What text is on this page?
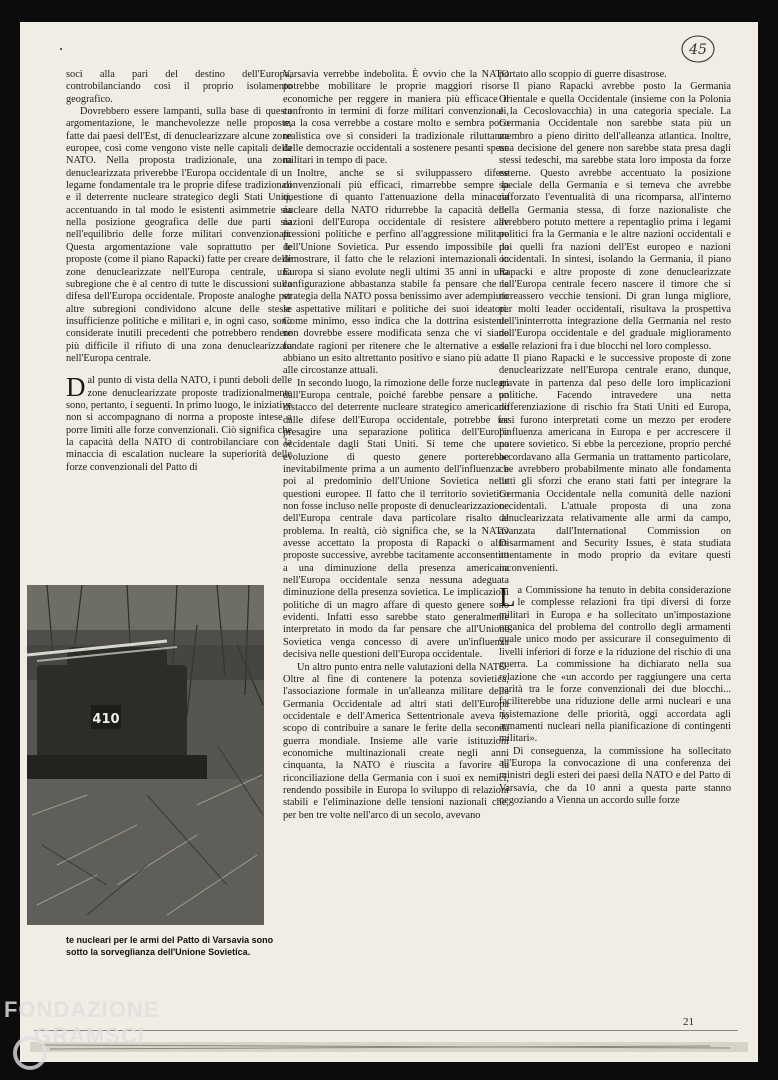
45

soci alla pari del destino dell'Europa, controbilanciando così il proprio isolamento geografico.

Dovrebbero essere lampanti, sulla base di questa argomentazione, le manchevolezze nelle proposte, fatte dai paesi dell'Est, di denuclearizzare alcune zone europee, così come vengono viste nelle capitali della NATO. Nella proposta tradizionale, una zona denuclearizzata priverebbe l'Europa occidentale di un legame fondamentale tra le proprie difese tradizionali e il deterrente nucleare strategico degli Stati Uniti, accentuando in tal modo le esistenti asimmetrie sia nella posizione geografica delle due parti sia nell'equilibrio delle forze militari convenzionali. Questa argomentazione vale soprattutto per le proposte (come il piano Rapacki) fatte per creare delle zone denuclearizzate nell'Europa centrale, una subregione che è al centro di tutte le discussioni sulla difesa dell'Europa occidentale. Proposte analoghe per altre subregioni condividono alcune delle stesse insufficienze politiche e militari e, in ogni caso, sono considerate inutili precedenti che potrebbero rendere più difficile il rifiuto di una zona denuclearizzata nell'Europa centrale.

Dal punto di vista della NATO, i punti deboli delle zone denuclearizzate proposte tradizionalmente sono, pertanto, i seguenti. In primo luogo, le iniziative non si accompagnano di norma a proposte intese a porre limiti alle forze convenzionali. Ciò significa che la capacità della NATO di controbilanciare con la minaccia di escalation nucleare la superiorità delle forze convenzionali del Patto di

410
te nucleari per le armi del Patto di Varsavia sono sotto la sorveglianza dell'Unione Sovietica.

Varsavia verrebbe indebolita. È ovvio che la NATO potrebbe mobilitare le proprie maggiori risorse economiche per reggere in maniera più efficace il confronto in termini di forze militari convenzionali, ma la cosa verrebbe a costare molto e sembra poco realistica ove si consideri la tradizionale riluttanza delle democrazie occidentali a sostenere pesanti spese militari in tempo di pace.

Inoltre, anche se si sviluppassero difese convenzionali più efficaci, rimarrebbe sempre la questione di quanto l'attenuazione della minaccia nucleare della NATO ridurrebbe la capacità delle nazioni dell'Europa occidentale di resistere alle pressioni politiche e perfino all'aggressione militare dell'Unione Sovietica. Pur essendo impossibile da dimostrare, il fatto che le relazioni internazionali in Europa si siano evolute negli ultimi 35 anni in una configurazione abbastanza stabile fa pensare che la strategia della NATO possa benissimo aver adempiuto le aspettative militari e politiche dei suoi ideatori. Come minimo, esso indica che la dottrina esistente non dovrebbe essere modificata senza che vi siano fondate ragioni per ritenere che le alternative a essa abbiano un esito altrettanto positivo e siano più adatte alle circostanze attuali.

In secondo luogo, la rimozione delle forze nucleari dall'Europa centrale, poiché farebbe pensare a un distacco del deterrente nucleare strategico americano dalle difese dell'Europa occidentale, potrebbe far presagire una separazione politica dell'Europa occidentale dagli Stati Uniti. Si teme che una evoluzione di questo genere porterebbe inevitabilmente prima a un aumento dell'influenza e poi al predominio dell'Unione Sovietica nelle questioni europee. Il fatto che il territorio sovietico non fosse incluso nelle proposte di denuclearizzazione dell'Europa centrale dava particolare risalto al problema. In realtà, ciò significa che, se la NATO avesse accettato la proposta di Rapacki o altre proposte successive, avrebbe tacitamente acconsentito a una diminuzione della presenza americana nell'Europa occidentale senza nessuna adeguata diminuzione della presenza sovietica. Le implicazioni politiche di un magro affare di questo genere sono evidenti. Infatti esso sarebbe stato generalmente interpretato in modo da far pensare che all'Unione Sovietica venga concesso di avere un'influenza decisiva nelle questioni dell'Europa occidentale.

Un altro punto entra nelle valutazioni della NATO. Oltre al fine di contenere la potenza sovietica, l'associazione formale in un'alleanza militare della Germania Occidentale ad altri stati dell'Europa occidentale e dell'America Settentrionale aveva lo scopo di contribuire a sanare le ferite della seconda guerra mondiale. Insieme alle varie istituzioni economiche multinazionali create negli anni cinquanta, la NATO è riuscita a favorire la riconciliazione della Germania con i suoi ex nemici, rendendo possibile in Europa lo sviluppo di relazioni stabili e l'eliminazione delle tensioni nazionali che, per ben tre volte nell'arco di un secolo, avevano

portato allo scoppio di guerre disastrose.

Il piano Rapacki avrebbe posto la Germania Orientale e quella Occidentale (insieme con la Polonia e la Cecoslovacchia) in una categoria speciale. La Germania Occidentale non sarebbe stata più un membro a pieno diritto dell'alleanza atlantica. Inoltre, una decisione del genere non sarebbe stata presa dagli stessi tedeschi, ma sarebbe stata loro imposta da forze esterne. Questo avrebbe accentuato la posizione speciale della Germania e si temeva che avrebbe rafforzato l'eventualità di una ricomparsa, all'interno della Germania stessa, di forze nazionaliste che avrebbero potuto mettere a repentaglio prima i legami politici fra la Germania e le altre nazioni occidentali e poi quelli fra nazioni dell'Est europeo e nazioni occidentali. In sintesi, isolando la Germania, il piano Rapacki e altre proposte di zone denuclearizzate nell'Europa centrale fecero nascere il timore che si ricreassero vecchie tensioni. Di gran lunga migliore, per molti leader occidentali, risultava la prospettiva dell'ininterrotta integrazione della Germania nel resto dell'Europa occidentale e del graduale miglioramento delle relazioni fra i due blocchi nel loro complesso.

Il piano Rapacki e le successive proposte di zone denuclearizzate nell'Europa centrale erano, dunque, gravate in partenza dal peso delle loro implicazioni politiche. Facendo intravedere una netta differenziazione di rischio fra Stati Uniti ed Europa, essi furono interpretati come un mezzo per erodere l'influenza americana in Europa e per accrescere il potere sovietico. Si ebbe la percezione, proprio perché accordavano alla Germania un trattamento particolare, che avrebbero probabilmente minato alle fondamenta tutti gli sforzi che erano stati fatti per integrare la Germania Occidentale nella comunità delle nazioni occidentali. L'attuale proposta di una zona denuclearizzata relativamente alle armi da campo, avanzata dall'International Commission on Disarmament and Security Issues, è stata studiata attentamente in modo proprio da evitare questi inconvenienti.

La Commissione ha tenuto in debita considerazione le complesse relazioni fra tipi diversi di forze militari in Europa e ha sollecitato un'impostazione organica del problema del controllo degli armamenti quale unico modo per assicurare il conseguimento di livelli inferiori di forze e la riduzione del rischio di una guerra. La commissione ha dichiarato nella sua relazione che «un accordo per raggiungere una certa parità tra le forze convenzionali dei due blocchi... faciliterebbe una riduzione delle armi nucleari e una risistemazione delle priorità, oggi accordata agli armamenti nucleari nella pianificazione di contingenti militari».

Di conseguenza, la commissione ha sollecitato all'Europa la convocazione di una conferenza dei ministri degli esteri dei paesi della NATO e del Patto di Varsavia, che da 10 anni a questa parte stanno negoziando a Vienna un accordo sulle forze

21
FONDAZIONE
GRAMSCI
